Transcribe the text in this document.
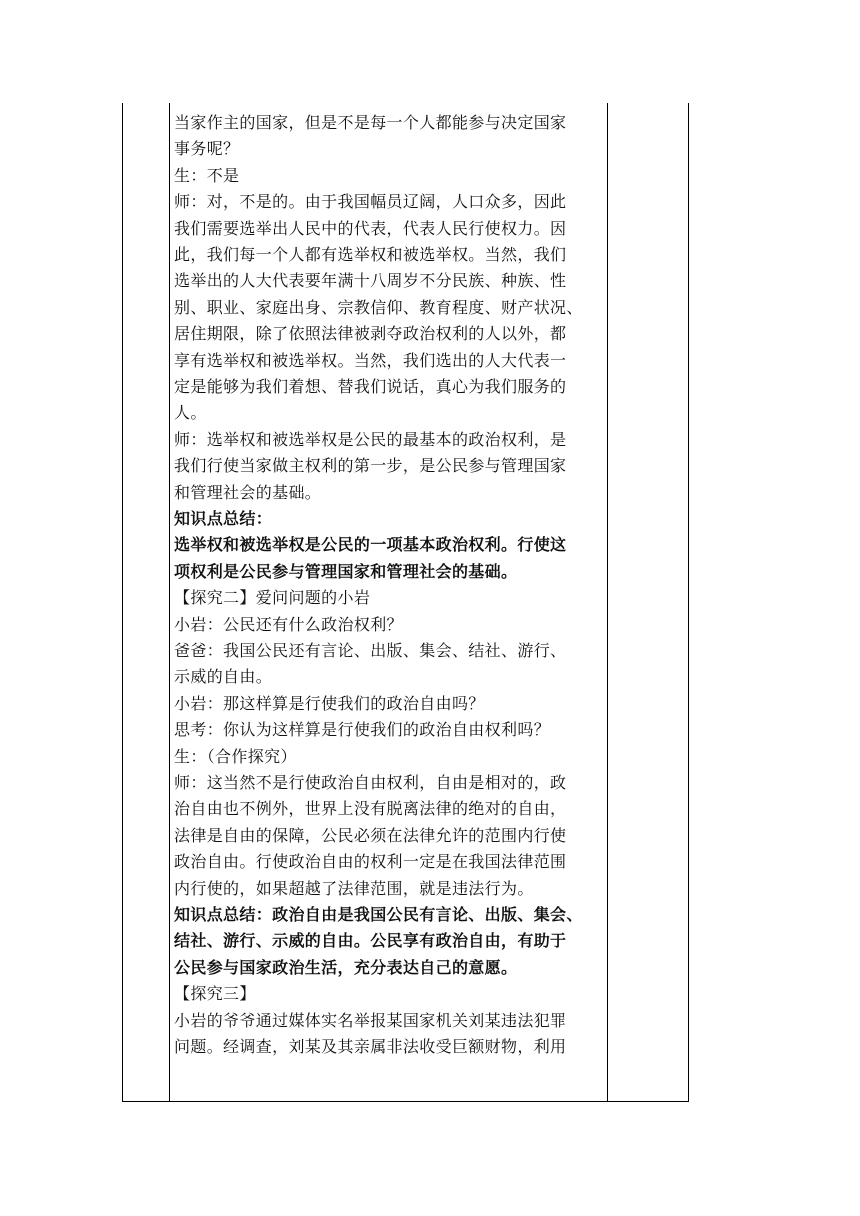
当家作主的国家，但是不是每一个人都能参与决定国家
事务呢？
生：不是
师：对，不是的。由于我国幅员辽阔，人口众多，因此
我们需要选举出人民中的代表，代表人民行使权力。因
此，我们每一个人都有选举权和被选举权。当然，我们
选举出的人大代表要年满十八周岁不分民族、种族、性
别、职业、家庭出身、宗教信仰、教育程度、财产状况、
居住期限，除了依照法律被剥夺政治权利的人以外，都
享有选举权和被选举权。当然，我们选出的人大代表一
定是能够为我们着想、替我们说话，真心为我们服务的
人。
师：选举权和被选举权是公民的最基本的政治权利，是
我们行使当家做主权利的第一步，是公民参与管理国家
和管理社会的基础。
知识点总结：
选举权和被选举权是公民的一项基本政治权利。行使这
项权利是公民参与管理国家和管理社会的基础。
【探究二】爱问问题的小岩
小岩：公民还有什么政治权利？
爸爸：我国公民还有言论、出版、集会、结社、游行、
示威的自由。
小岩：那这样算是行使我们的政治自由吗？
思考：你认为这样算是行使我们的政治自由权利吗？
生：（合作探究）
师：这当然不是行使政治自由权利，自由是相对的，政
治自由也不例外，世界上没有脱离法律的绝对的自由，
法律是自由的保障，公民必须在法律允许的范围内行使
政治自由。行使政治自由的权利一定是在我国法律范围
内行使的，如果超越了法律范围，就是违法行为。
知识点总结：政治自由是我国公民有言论、出版、集会、
结社、游行、示威的自由。公民享有政治自由，有助于
公民参与国家政治生活，充分表达自己的意愿。
【探究三】
小岩的爷爷通过媒体实名举报某国家机关刘某违法犯罪
问题。经调查，刘某及其亲属非法收受巨额财物，利用
